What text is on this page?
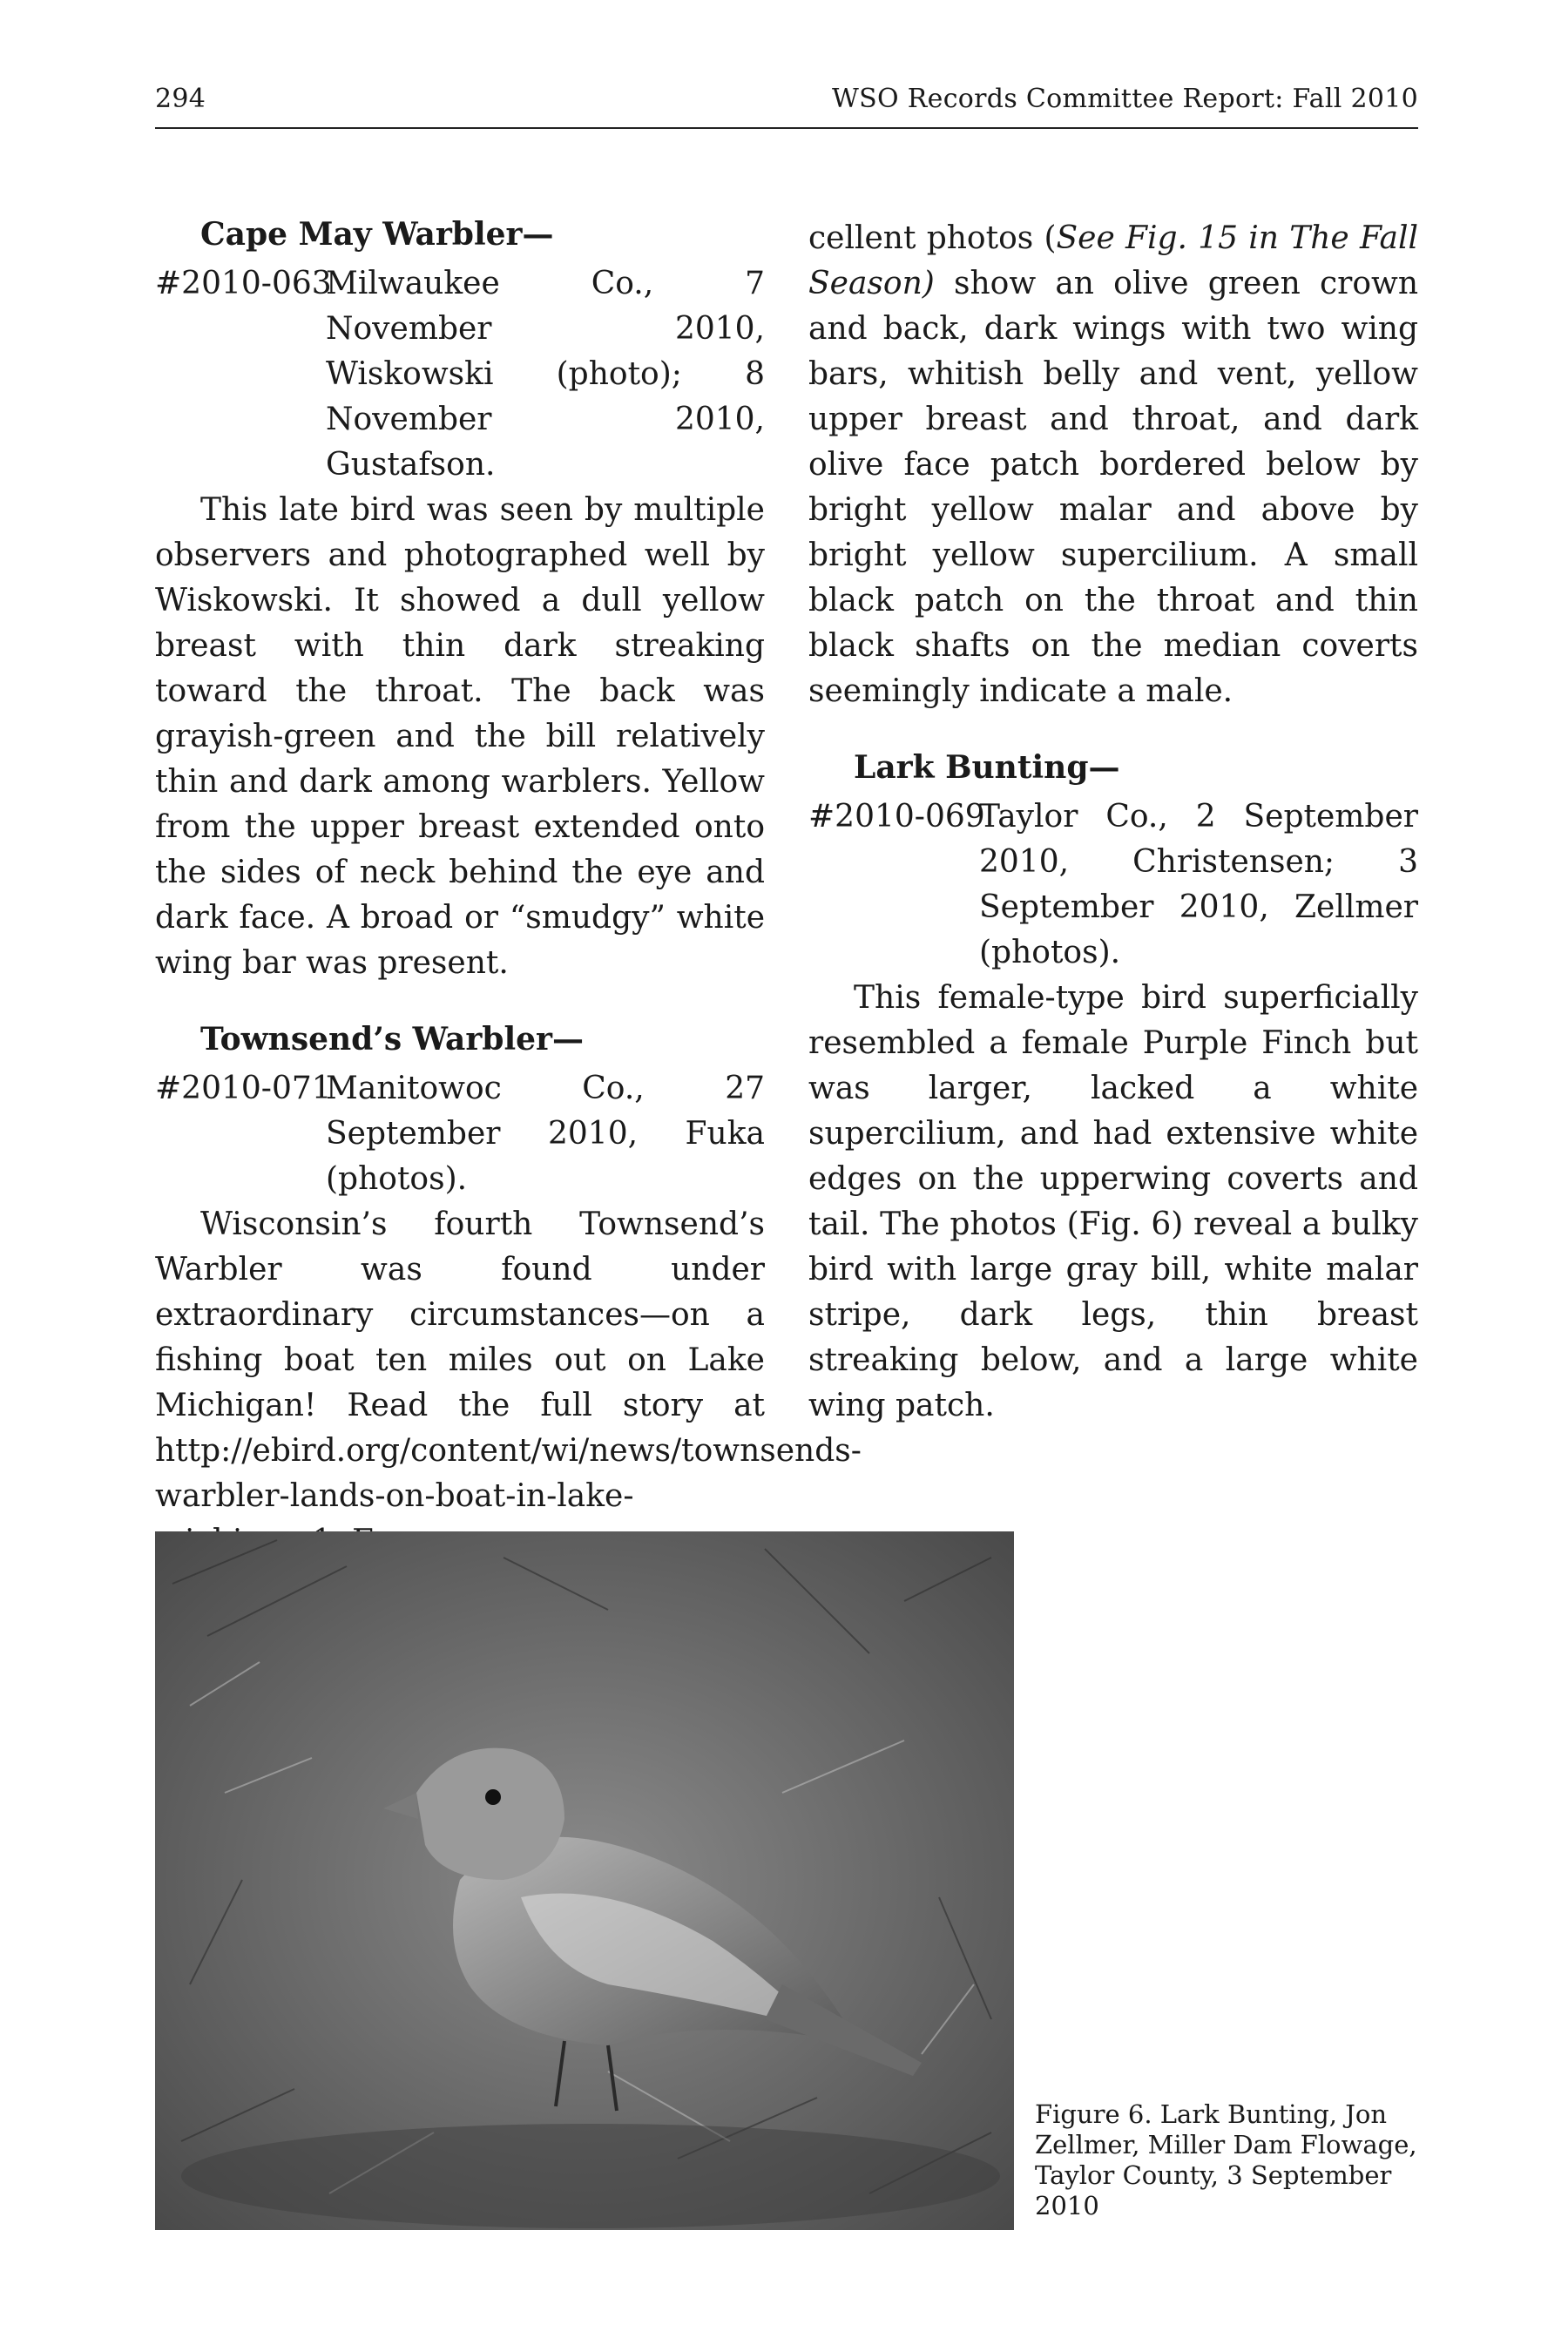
294	WSO Records Committee Report: Fall 2010
Cape May Warbler—

#2010-063
Milwaukee Co., 7 November 2010, Wiskowski (photo); 8 November 2010, Gustafson.

This late bird was seen by multiple observers and photographed well by Wiskowski. It showed a dull yellow breast with thin dark streaking toward the throat. The back was grayish-green and the bill relatively thin and dark among warblers. Yellow from the upper breast extended onto the sides of neck behind the eye and dark face. A broad or “smudgy” white wing bar was present.

Townsend’s Warbler—

#2010-071
Manitowoc Co., 27 September 2010, Fuka (photos).

Wisconsin’s fourth Townsend’s Warbler was found under extraordinary circumstances—on a fishing boat ten miles out on Lake Michigan! Read the full story at http://ebird.org/content/wi/news/townsends-warbler-lands-on-boat-in-lake-

cellent photos (See Fig. 15 in The Fall Season) show an olive green crown and back, dark wings with two wing bars, whitish belly and vent, yellow upper breast and throat, and dark olive face patch bordered below by bright yellow malar and above by bright yellow supercilium. A small black patch on the throat and thin black shafts on the median coverts seemingly indicate a male.

Lark Bunting—

#2010-069
Taylor Co., 2 September 2010, Christensen; 3 September 2010, Zellmer (photos).

This female-type bird superficially resembled a female Purple Finch but was larger, lacked a white supercilium, and had extensive white edges on the upperwing coverts and tail. The photos (Fig. 6) reveal a bulky bird with large gray bill, white malar stripe, dark legs, thin breast streaking below, and a large white wing patch.

Figure 6. Lark Bunting, Jon Zellmer, Miller Dam Flowage, Taylor County, 3 September 2010
